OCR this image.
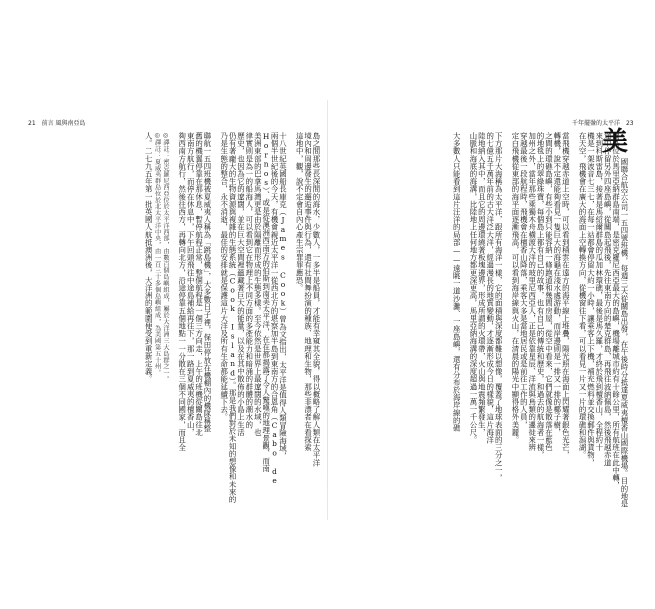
21 前言 風與南亞島	千年擺盪的太平洋 23
島之間那些長深間的海水，少數人，一多半是船員，才能有幸窺其全貌，得以概略了解人類在太平洋
境內和周邊發生的邂逅事件與行為，還有社間舞扮演的種族、地理和生物，那些非漂者在看探索
這地中，觀，說不定會自內心產生宗罪罪應恐。
十八世紀英國船長庫克（James Cook）曾為文指出，太平洋是值得人類冒險海域，
兩個半世紀後的今天，有機會親近太平洋一從西北方的堪察加半島到東南方的合恩角（Cabo de
Hornos）、或是從澳洲西南方的伯斯到南美太平洋，在在都揭露了令人驚嘆的地理景觀、而南
美洲東部的巴拿馬灣更是由於隔離而形成的生態多樣。至今依然是世界上最遼闊的水域，也
律實則是為一的船海人，可以看到它在物理上不同方面的多產能力和暗涌的群體的潮水的
歷史，也因為它的遼闊，並在巨大空間裡蘊藏著巨大的能量，以及在其中散佈的小島上生活
仍有著龐大的生物資源與複雜的生態系統（Cook Island）。那是我們對於未知的想像和未來的
乃是生態的整合，永不消逝，最佳的安排就是保護這片大洋及所有生命都能延續下去。
聯航一五四班機被夏威夷人稱為「跳島機」，大多數日子裡，保田停放在機棚內的機隊稱整
舊的機翼停靠在那休息，暫停航程正常，整個航程是一個三方向走，上午的班機從關島往北
東南方航行，而停在休息中，下午回頭飛往中途島補給再往下，那一路到夏威夷的檀香山，
夠西南方航行，然後往西方，再轉向北方，沿途停靠五個地點一一分散在三個不同國家，而且全
◎譯註：密克羅尼西亞位於太平洋西部，由數百個島嶼組成，屬於大洋洲三大島群之一。
◎譯註：夏威夷群島位於北太平洋中央，由一百三十多個島嶼組成，為美國第五十州。
人。二七九五年第一批英國人航抵澳洲後，大洋洲的範圍便受到重新定義。	國聯合航空公司一五四號班機，每週三天從關島出發，在午後時分抵達夏威夷檀香山國際機場。目的地是
關島位於馬里亞納群島南端，是密克羅尼西亞最大的島嶼，機場離城市約有十餘公里，所有航班在此中轉，
途中停留另外四座島嶼，從關島起飛後，先往東南方向的楚克群島，再飛往波納佩島，然後飛越赤道
來到科斯雷島，接著是馬紹爾群島的瓜加林環礁，最後是馬久羅，才終於飛到檀香山，全程約十
機是一架波音七三七，在每一站都會停留大約一小時，讓乘客上下機，補充燃料並交換郵件與貨物，
在天空，飛機會在廣大的海面上空轉換方向，從機窗往下看，可以看見一片又一片的環礁和潟湖。
當飛機穿越赤道上空時，可以看到積雲在遠方的海平線上堆疊，陽光照在海面上閃耀著銀色光芒，
轉機，說不定還能夠看見一隻巨大的海龜在淺水處游動，而岸邊則是一排又一排的椰子樹，
之間的環礁島嶼，有些小到只能容納一條跑道和幾間房屋，從空中看來，它們就像是散落在藍色
的地毯上的翠綠珠寶，每個島上都有自己的故事，也有自己的傳統和歷史，和過去的航海者一樣，
加州之外，當年那些乘獨木舟橫渡大洋的玻里尼西亞人，正是依靠星辰、洋流與鳥類的遷徙來辨
穿越最後一段航程時，飛機會在檀香山降落，乘客大多是當地居民或是前往工作的人員，
定白飛機從東部的海平面逐漸飛高，可以看到海岸線與火山，在清晨的陽光中顯得格外美麗。
下方那片大海稱為太平洋，跟所有海洋一樣，它的面積與深度都難以想像，覆蓋了地球表面的三分之一，
的七億五千萬年前的古大洋泛大洋，經過漫長的地質變動，才逐漸形成今日的樣貌，這片海洋
陸地納入其中，而且它的周邊環繞著板塊邊界，形成所謂的火環帶，火山與地震頻繁發生，
山脈和海底的海溝，比陸地上任何地方都更深更高，馬里亞納海溝的深度超過一萬一千公尺。
大多數人只能看到這片汪洋的局部——遠眺一道沙灘、一座島嶼，還有分布於海岸線的礁	美
